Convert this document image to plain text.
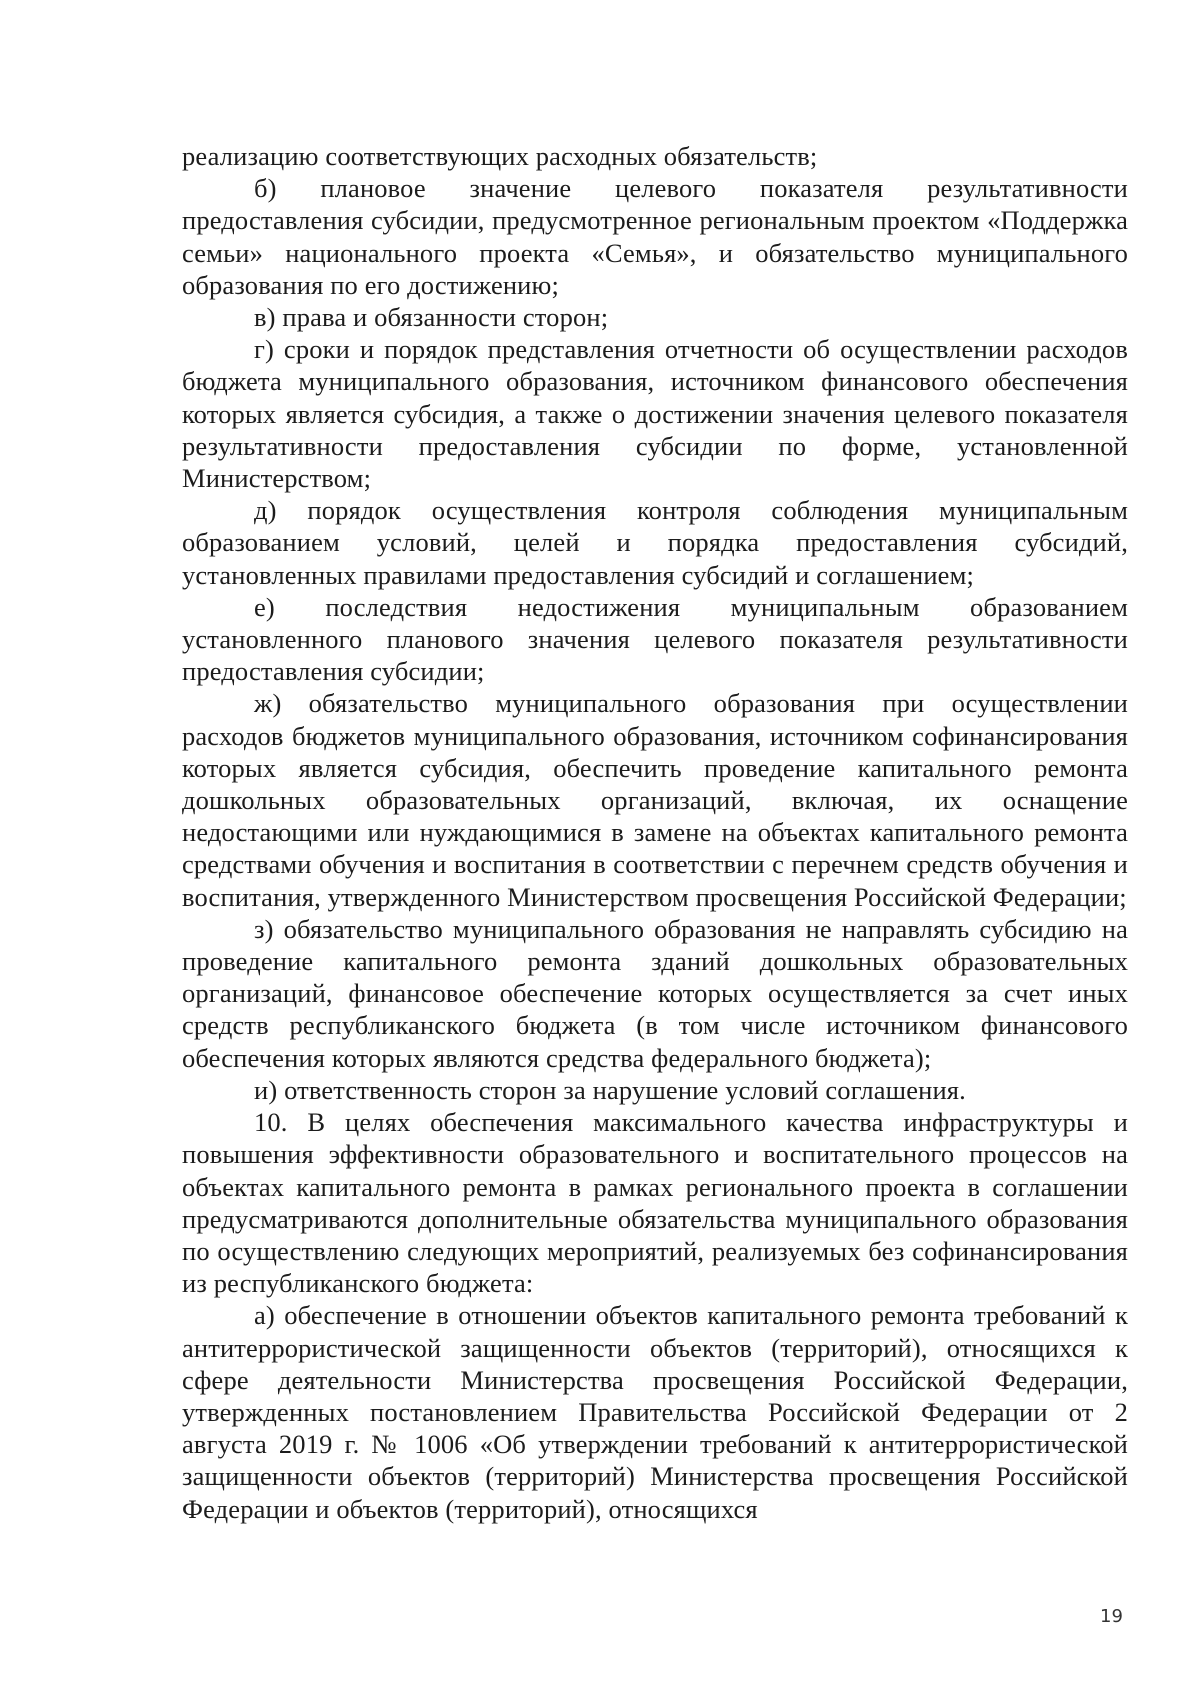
реализацию соответствующих расходных обязательств;

б) плановое значение целевого показателя результативности предоставления субсидии, предусмотренное региональным проектом «Поддержка семьи» национального проекта «Семья», и обязательство муниципального образования по его достижению;

в) права и обязанности сторон;

г) сроки и порядок представления отчетности об осуществлении расходов бюджета муниципального образования, источником финансового обеспечения которых является субсидия, а также о достижении значения целевого показателя результативности предоставления субсидии по форме, установленной Министерством;

д) порядок осуществления контроля соблюдения муниципальным образованием условий, целей и порядка предоставления субсидий, установленных правилами предоставления субсидий и соглашением;

е) последствия недостижения муниципальным образованием установленного планового значения целевого показателя результативности предоставления субсидии;

ж) обязательство муниципального образования при осуществлении расходов бюджетов муниципального образования, источником софинансирования которых является субсидия, обеспечить проведение капитального ремонта дошкольных образовательных организаций, включая, их оснащение недостающими или нуждающимися в замене на объектах капитального ремонта средствами обучения и воспитания в соответствии с перечнем средств обучения и воспитания, утвержденного Министерством просвещения Российской Федерации;

з) обязательство муниципального образования не направлять субсидию на проведение капитального ремонта зданий дошкольных образовательных организаций, финансовое обеспечение которых осуществляется за счет иных средств республиканского бюджета (в том числе источником финансового обеспечения которых являются средства федерального бюджета);

и) ответственность сторон за нарушение условий соглашения.

10. В целях обеспечения максимального качества инфраструктуры и повышения эффективности образовательного и воспитательного процессов на объектах капитального ремонта в рамках регионального проекта в соглашении предусматриваются дополнительные обязательства муниципального образования по осуществлению следующих мероприятий, реализуемых без софинансирования из республиканского бюджета:

а) обеспечение в отношении объектов капитального ремонта требований к антитеррористической защищенности объектов (территорий), относящихся к сфере деятельности Министерства просвещения Российской Федерации, утвержденных постановлением Правительства Российской Федерации от 2 августа 2019 г. № 1006 «Об утверждении требований к антитеррористической защищенности объектов (территорий) Министерства просвещения Российской Федерации и объектов (территорий), относящихся

19
